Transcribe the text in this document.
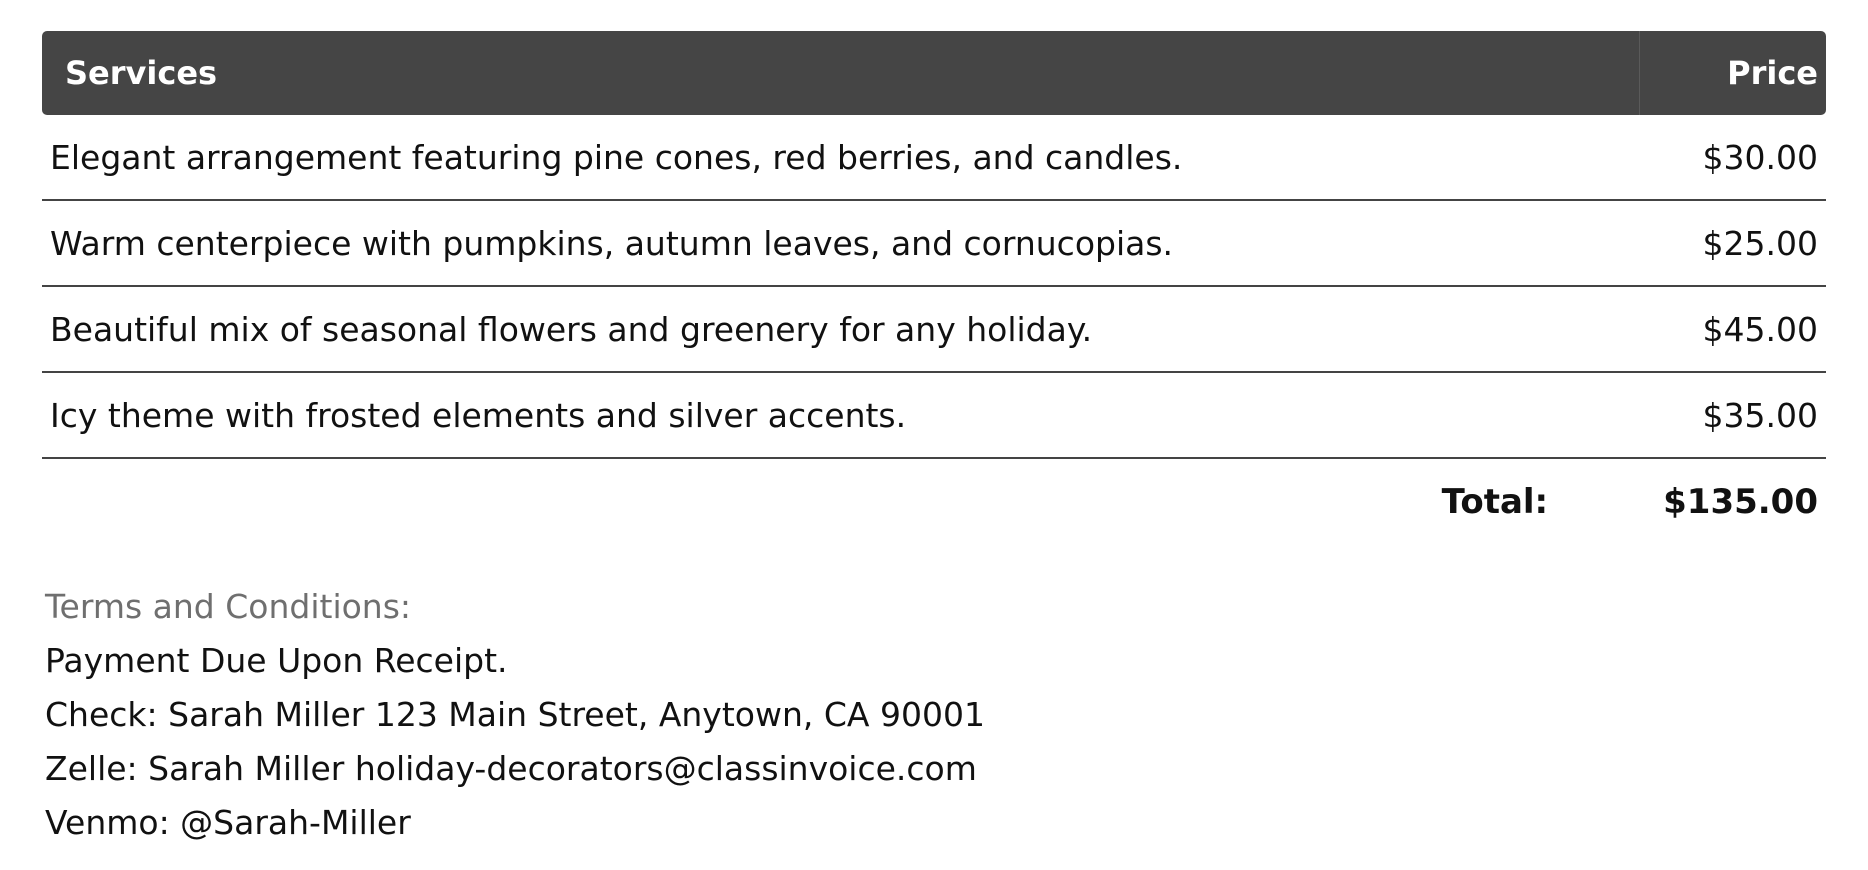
Services	Price
Elegant arrangement featuring pine cones, red berries, and candles.	$30.00
Warm centerpiece with pumpkins, autumn leaves, and cornucopias.	$25.00
Beautiful mix of seasonal flowers and greenery for any holiday.	$45.00
Icy theme with frosted elements and silver accents.	$35.00
Total:	$135.00
Terms and Conditions:
Payment Due Upon Receipt.
Check: Sarah Miller 123 Main Street, Anytown, CA 90001
Zelle: Sarah Miller holiday-decorators@classinvoice.com
Venmo: @Sarah-Miller
